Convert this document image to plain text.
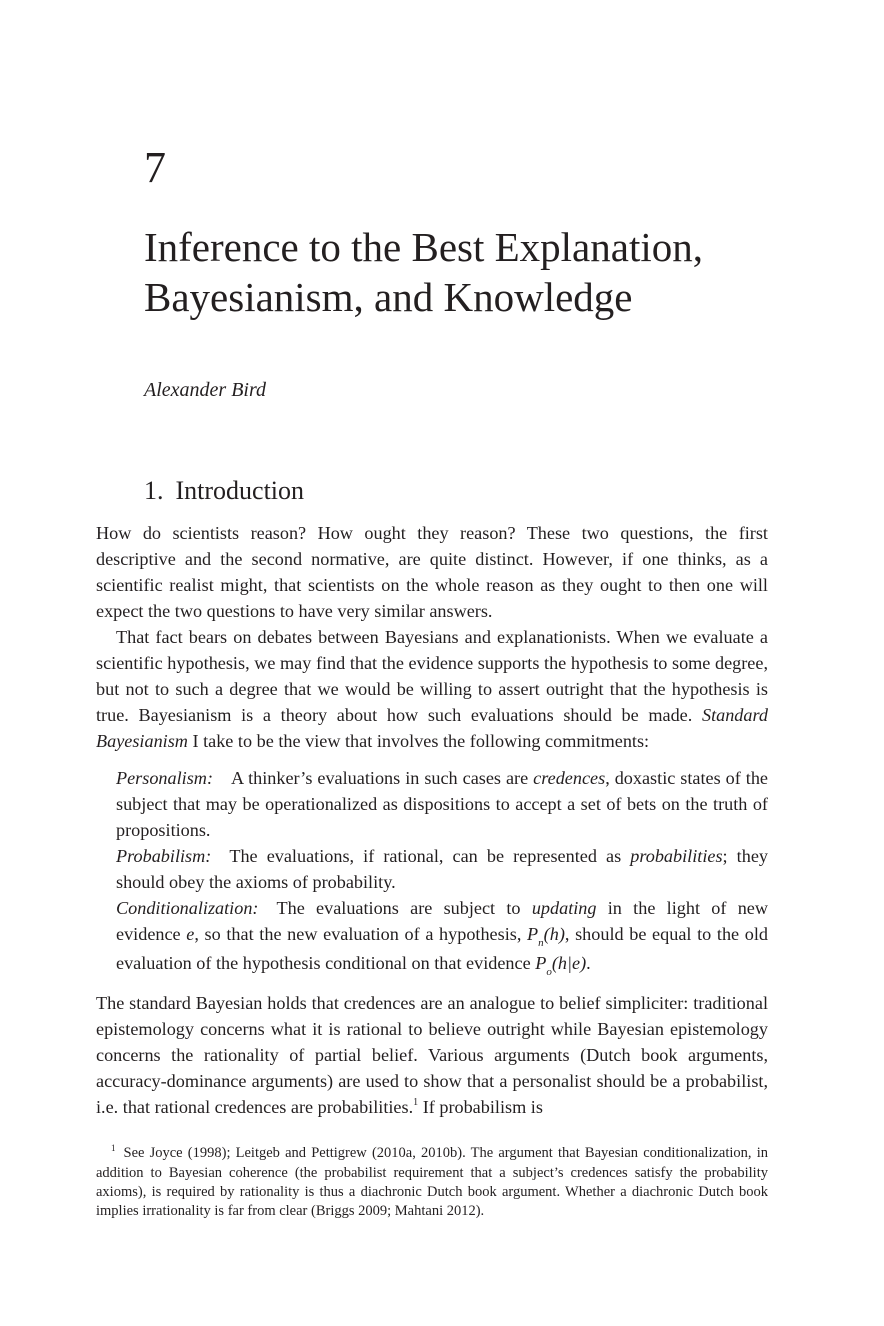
7
Inference to the Best Explanation,
Bayesianism, and Knowledge
Alexander Bird
1. Introduction

How do scientists reason? How ought they reason? These two questions, the first descriptive and the second normative, are quite distinct. However, if one thinks, as a scientific realist might, that scientists on the whole reason as they ought to then one will expect the two questions to have very similar answers.

That fact bears on debates between Bayesians and explanationists. When we evaluate a scientific hypothesis, we may find that the evidence supports the hypothesis to some degree, but not to such a degree that we would be willing to assert outright that the hypothesis is true. Bayesianism is a theory about how such evaluations should be made. Standard Bayesianism I take to be the view that involves the following commitments:

Personalism: A thinker’s evaluations in such cases are credences, doxastic states of the subject that may be operationalized as dispositions to accept a set of bets on the truth of propositions.

Probabilism: The evaluations, if rational, can be represented as probabilities; they should obey the axioms of probability.

Conditionalization: The evaluations are subject to updating in the light of new evidence e, so that the new evaluation of a hypothesis, $P_n(h)$, should be equal to the old evaluation of the hypothesis conditional on that evidence $P_o(h|e)$.

The standard Bayesian holds that credences are an analogue to belief simpliciter: traditional epistemology concerns what it is rational to believe outright while Bayesian epistemology concerns the rationality of partial belief. Various arguments (Dutch book arguments, accuracy-dominance arguments) are used to show that a personalist should be a probabilist, i.e. that rational credences are probabilities.$^1$ If probabilism is

$^1$ See Joyce (1998); Leitgeb and Pettigrew (2010a, 2010b). The argument that Bayesian conditionalization, in addition to Bayesian coherence (the probabilist requirement that a subject’s credences satisfy the probability axioms), is required by rationality is thus a diachronic Dutch book argument. Whether a diachronic Dutch book implies irrationality is far from clear (Briggs 2009; Mahtani 2012).
